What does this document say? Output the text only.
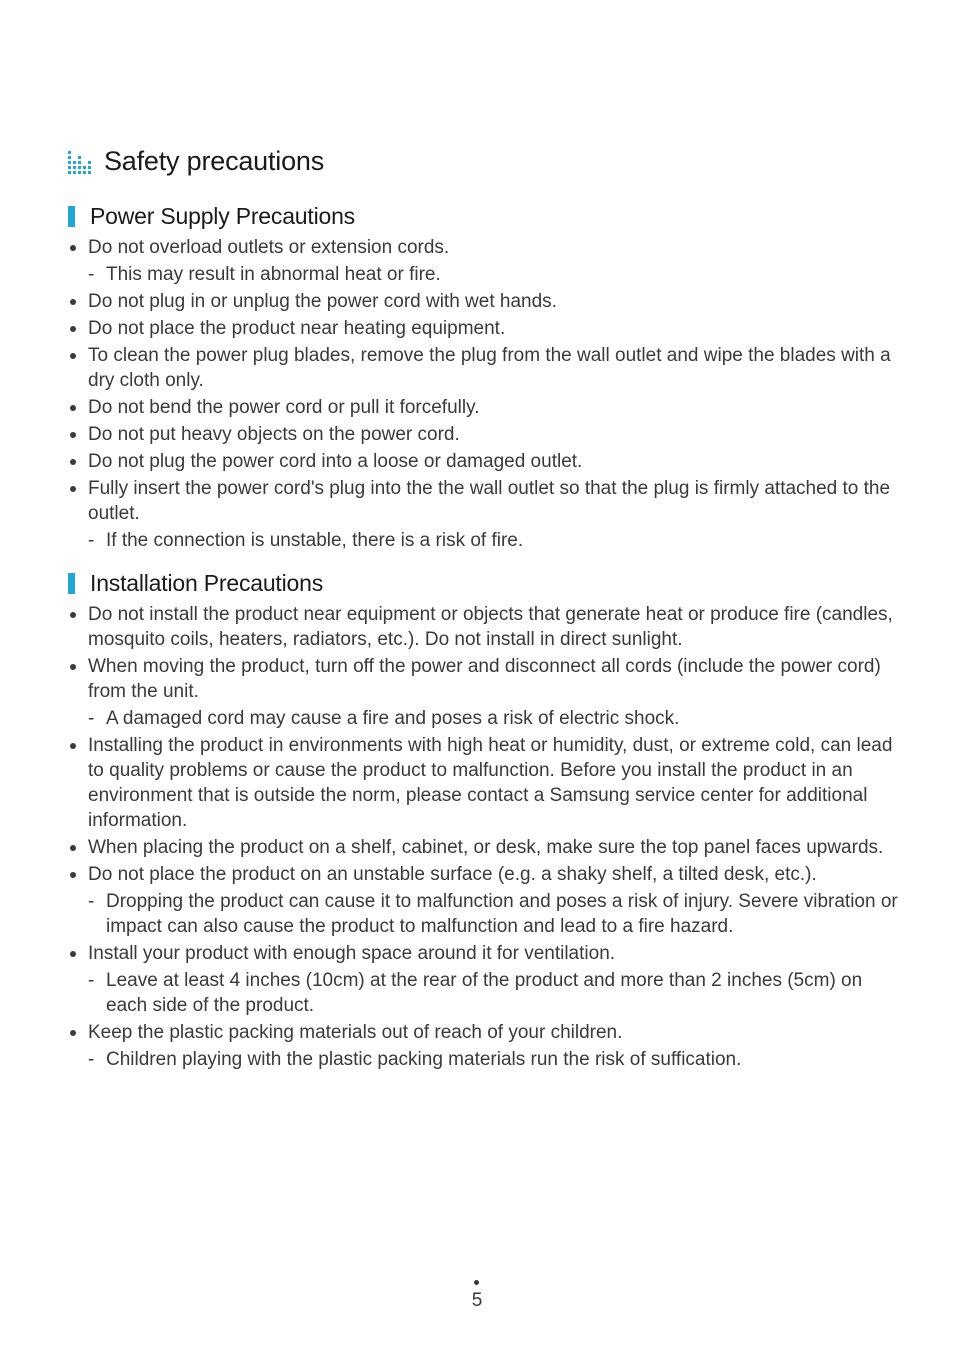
Safety precautions
Power Supply Precautions
Do not overload outlets or extension cords.
- This may result in abnormal heat or fire.
Do not plug in or unplug the power cord with wet hands.
Do not place the product near heating equipment.
To clean the power plug blades, remove the plug from the wall outlet and wipe the blades with a dry cloth only.
Do not bend the power cord or pull it forcefully.
Do not put heavy objects on the power cord.
Do not plug the power cord into a loose or damaged outlet.
Fully insert the power cord's plug into the the wall outlet so that the plug is firmly attached to the outlet.
- If the connection is unstable, there is a risk of fire.
Installation Precautions
Do not install the product near equipment or objects that generate heat or produce fire (candles, mosquito coils, heaters, radiators, etc.). Do not install in direct sunlight.
When moving the product, turn off the power and disconnect all cords (include the power cord) from the unit.
- A damaged cord may cause a fire and poses a risk of electric shock.
Installing the product in environments with high heat or humidity, dust, or extreme cold, can lead to quality problems or cause the product to malfunction. Before you install the product in an environment that is outside the norm, please contact a Samsung service center for additional information.
When placing the product on a shelf, cabinet, or desk, make sure the top panel faces upwards.
Do not place the product on an unstable surface (e.g. a shaky shelf, a tilted desk, etc.).
- Dropping the product can cause it to malfunction and poses a risk of injury. Severe vibration or impact can also cause the product to malfunction and lead to a fire hazard.
Install your product with enough space around it for ventilation.
- Leave at least 4 inches (10cm) at the rear of the product and more than 2 inches (5cm) on each side of the product.
Keep the plastic packing materials out of reach of your children.
- Children playing with the plastic packing materials run the risk of suffication.
5
